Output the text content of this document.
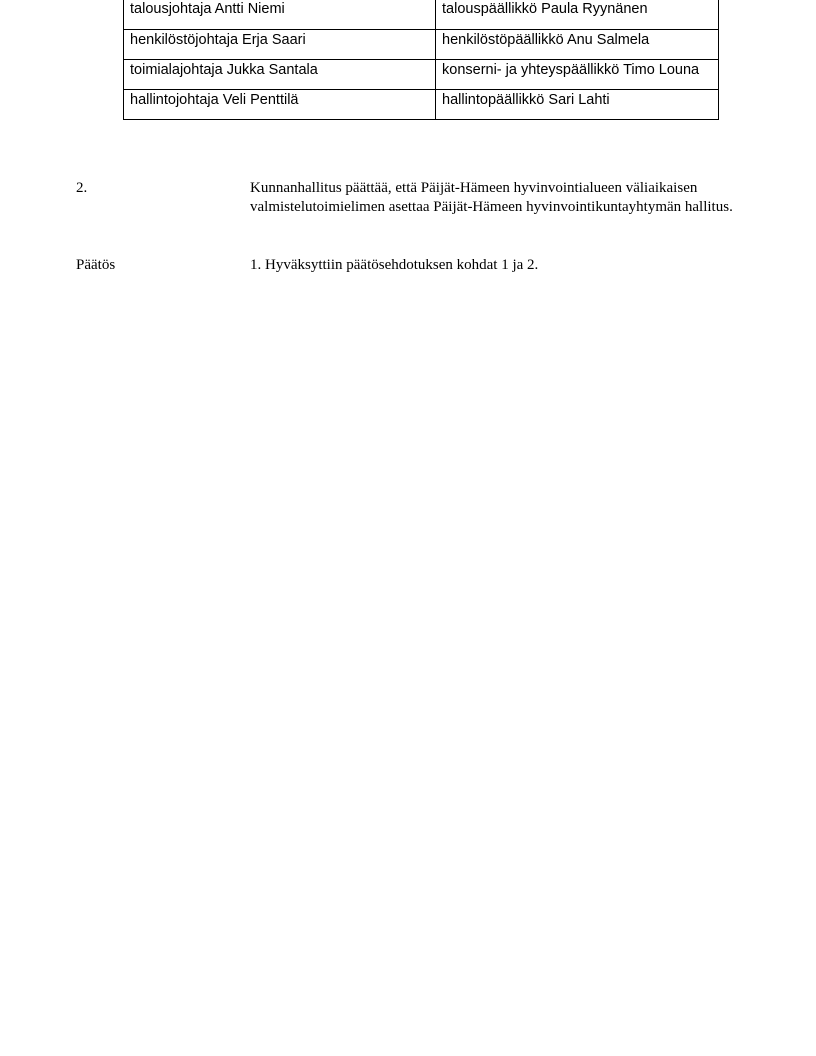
talousjohtaja Antti Niemi	talouspäällikkö Paula Ryynänen
henkilöstöjohtaja Erja Saari	henkilöstöpäällikkö Anu Salmela
toimialajohtaja Jukka Santala	konserni- ja yhteyspäällikkö Timo Louna
hallintojohtaja Veli Penttilä	hallintopäällikkö Sari Lahti
2.	Kunnanhallitus päättää, että Päijät-Hämeen hyvinvointialueen väliaikaisen valmistelutoimielimen asettaa Päijät-Hämeen hyvinvointikuntayhtymän hallitus.
Päätös	1. Hyväksyttiin päätösehdotuksen kohdat 1 ja 2.
